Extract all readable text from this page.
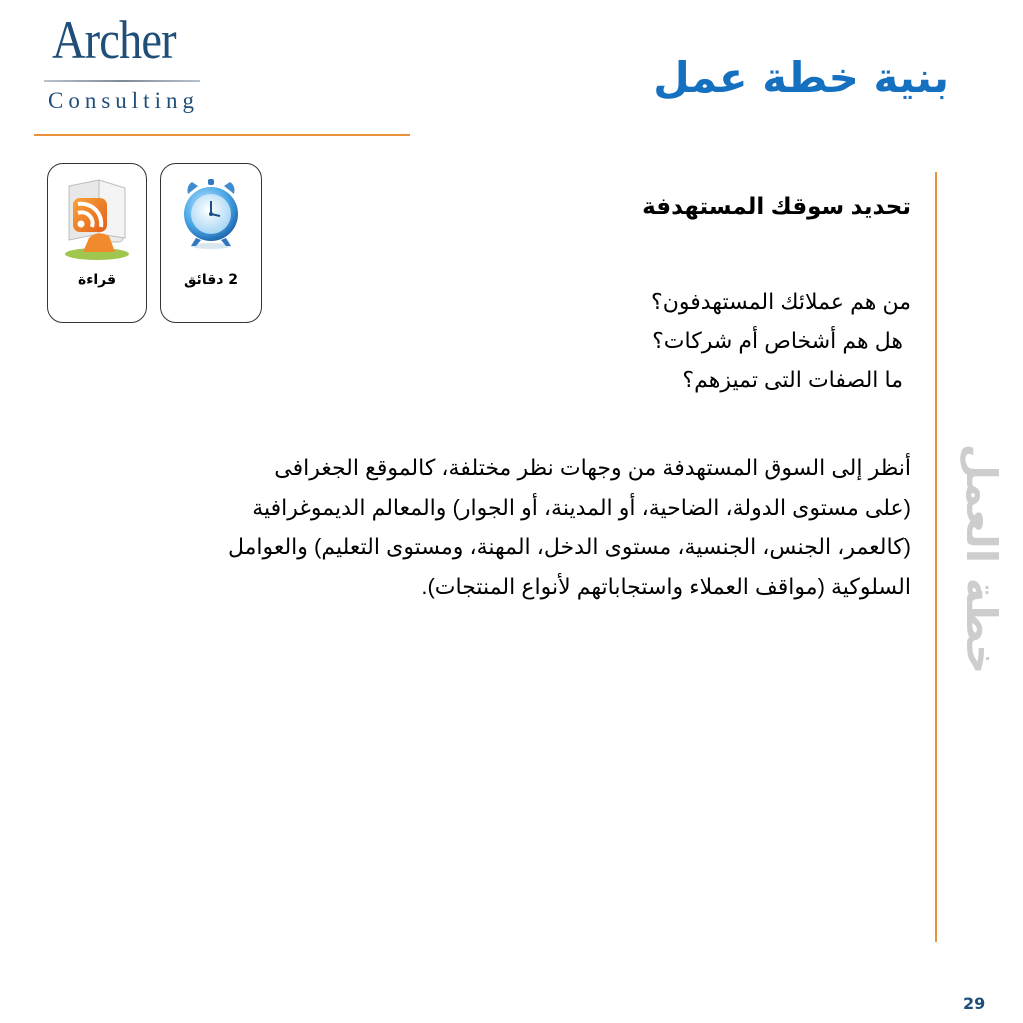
Archer
Consulting	بنية خطة عمل
2 دقائق
قراءة
خطة العمل
تحديد سوقك المستهدفة
من هم عملائك المستهدفون؟
هل هم أشخاص أم شركات؟
ما الصفات التى تميزهم؟
أنظر إلى السوق المستهدفة من وجهات نظر مختلفة، كالموقع الجغرافى
(على مستوى الدولة، الضاحية، أو المدينة، أو الجوار) والمعالم الديموغرافية
(كالعمر، الجنس، الجنسية، مستوى الدخل، المهنة، ومستوى التعليم) والعوامل
السلوكية (مواقف العملاء واستجاباتهم لأنواع المنتجات).
29
